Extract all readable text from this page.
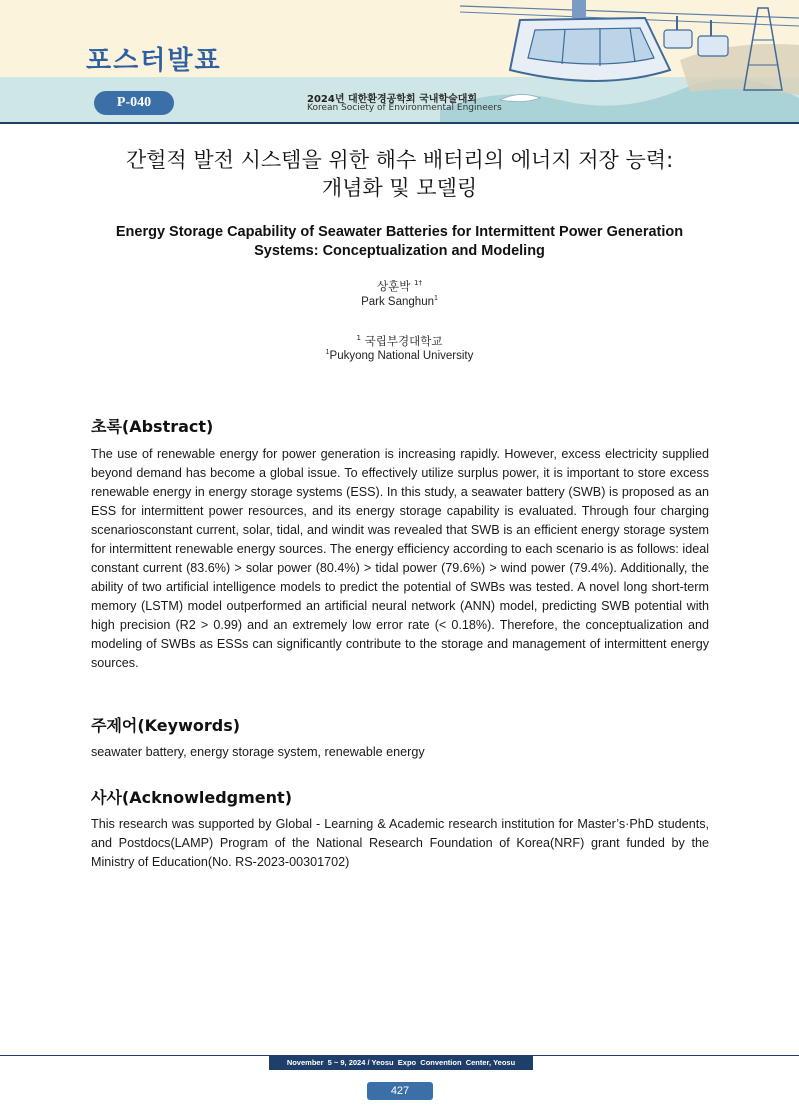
포스터발표
P-040	2024년 대한환경공학회 국내학술대회
Korean Society of Environmental Engineers
간헐적 발전 시스템을 위한 해수 배터리의 에너지 저장 능력:
개념화 및 모델링
Energy Storage Capability of Seawater Batteries for Intermittent Power Generation
Systems: Conceptualization and Modeling
상훈박 $^{1\dagger}$
Park Sanghun$^1$
$^1$ 국립부경대학교
$^1$Pukyong National University
초록(Abstract)

The use of renewable energy for power generation is increasing rapidly. However, excess electricity supplied beyond demand has become a global issue. To effectively utilize surplus power, it is important to store excess renewable energy in energy storage systems (ESS). In this study, a seawater battery (SWB) is proposed as an ESS for intermittent power resources, and its energy storage capability is evaluated. Through four charging scenariosconstant current, solar, tidal, and windit was revealed that SWB is an efficient energy storage system for intermittent renewable energy sources. The energy efficiency according to each scenario is as follows: ideal constant current (83.6%) > solar power (80.4%) > tidal power (79.6%) > wind power (79.4%). Additionally, the ability of two artificial intelligence models to predict the potential of SWBs was tested. A novel long short-term memory (LSTM) model outperformed an artificial neural network (ANN) model, predicting SWB potential with high precision (R2 > 0.99) and an extremely low error rate (< 0.18%). Therefore, the conceptualization and modeling of SWBs as ESSs can significantly contribute to the storage and management of intermittent energy sources.

주제어(Keywords)

seawater battery, energy storage system, renewable energy

사사(Acknowledgment)

This research was supported by Global - Learning & Academic research institution for Master’s·PhD students, and Postdocs(LAMP) Program of the National Research Foundation of Korea(NRF) grant funded by the Ministry of Education(No. RS-2023-00301702)

November  5 ~ 9, 2024 / Yeosu  Expo  Convention  Center, Yeosu
427
